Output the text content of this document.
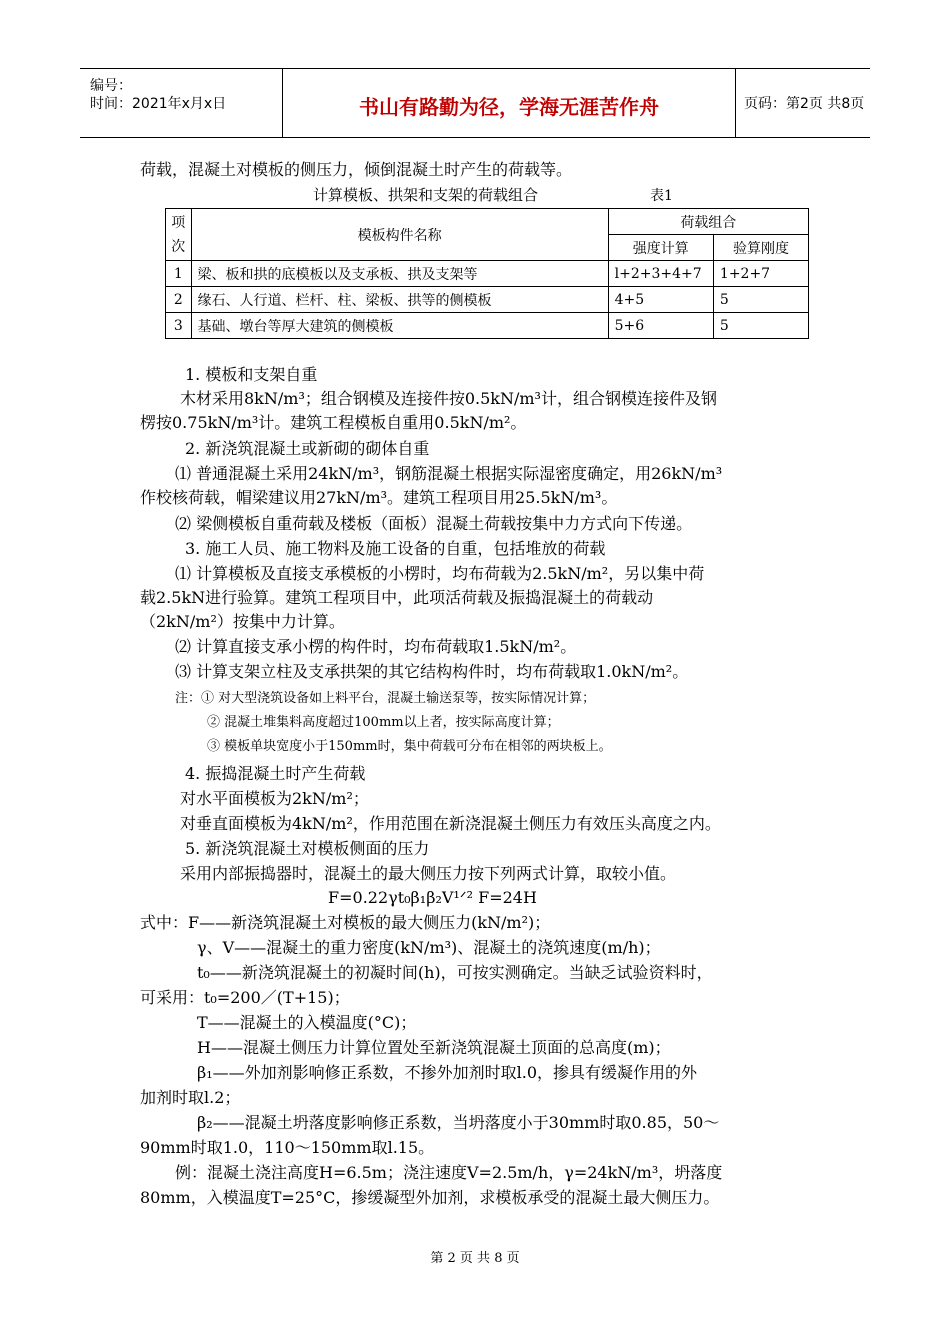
编号：
时间：2021年x月x日	书山有路勤为径，学海无涯苦作舟	页码：第2页 共8页
荷载，混凝土对模板的侧压力，倾倒混凝土时产生的荷载等。
计算模板、拱架和支架的荷载组合	表1
项次	模板构件名称	荷载组合	
		强度计算	验算刚度
1	梁、板和拱的底模板以及支承板、拱及支架等	l+2+3+4+7	1+2+7
2	缘石、人行道、栏杆、柱、梁板、拱等的侧模板	4+5	5
3	基础、墩台等厚大建筑的侧模板	5+6	5
1. 模板和支架自重
木材采用8kN/m³；组合钢模及连接件按0.5kN/m³计，组合钢模连接件及钢
楞按0.75kN/m³计。建筑工程模板自重用0.5kN/m²。
2. 新浇筑混凝土或新砌的砌体自重
⑴ 普通混凝土采用24kN/m³，钢筋混凝土根据实际湿密度确定，用26kN/m³
作校核荷载，帽梁建议用27kN/m³。建筑工程项目用25.5kN/m³。
⑵ 梁侧模板自重荷载及楼板（面板）混凝土荷载按集中力方式向下传递。
3. 施工人员、施工物料及施工设备的自重，包括堆放的荷载
⑴ 计算模板及直接支承模板的小楞时，均布荷载为2.5kN/m²，另以集中荷
载2.5kN进行验算。建筑工程项目中，此项活荷载及振捣混凝土的荷载动
（2kN/m²）按集中力计算。
⑵ 计算直接支承小楞的构件时，均布荷载取1.5kN/m²。
⑶ 计算支架立柱及支承拱架的其它结构构件时，均布荷载取1.0kN/m²。
注：① 对大型浇筑设备如上料平台，混凝土输送泵等，按实际情况计算；
② 混凝土堆集料高度超过100mm以上者，按实际高度计算；
③ 模板单块宽度小于150mm时，集中荷载可分布在相邻的两块板上。
4. 振捣混凝土时产生荷载
对水平面模板为2kN/m²；
对垂直面模板为4kN/m²，作用范围在新浇混凝土侧压力有效压头高度之内。
5. 新浇筑混凝土对模板侧面的压力
采用内部振捣器时，混凝土的最大侧压力按下列两式计算，取较小值。
F=0.22γt₀β₁β₂V¹ᐟ² F=24H
式中：F——新浇筑混凝土对模板的最大侧压力(kN/m²)；
γ、V——混凝土的重力密度(kN/m³)、混凝土的浇筑速度(m/h)；
t₀——新浇筑混凝土的初凝时间(h)，可按实测确定。当缺乏试验资料时，
可采用：t₀=200／(T+15)；
T——混凝土的入模温度(°C)；
H——混凝土侧压力计算位置处至新浇筑混凝土顶面的总高度(m)；
β₁——外加剂影响修正系数，不掺外加剂时取l.0，掺具有缓凝作用的外
加剂时取l.2；
β₂——混凝土坍落度影响修正系数，当坍落度小于30mm时取0.85，50～
90mm时取1.0，110～150mm取l.15。
例：混凝土浇注高度H=6.5m；浇注速度V=2.5m/h，γ=24kN/m³，坍落度
80mm，入模温度T=25°C，掺缓凝型外加剂，求模板承受的混凝土最大侧压力。
第 2 页 共 8 页
